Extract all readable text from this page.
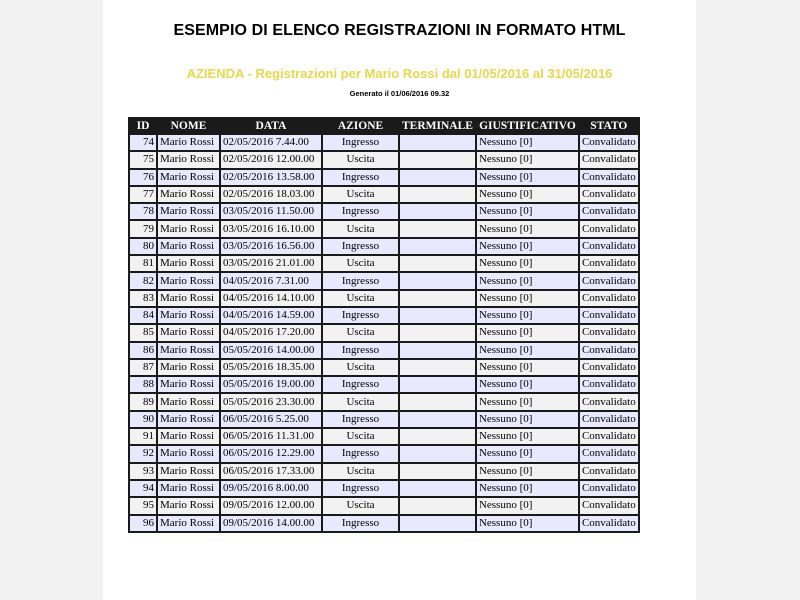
ESEMPIO DI ELENCO REGISTRAZIONI IN FORMATO HTML
AZIENDA - Registrazioni per Mario Rossi dal 01/05/2016 al 31/05/2016
Generato il 01/06/2016 09.32
ID	NOME	DATA	AZIONE	TERMINALE	GIUSTIFICATIVO	STATO
74	Mario Rossi	02/05/2016 7.44.00	Ingresso		Nessuno [0]	Convalidato
75	Mario Rossi	02/05/2016 12.00.00	Uscita		Nessuno [0]	Convalidato
76	Mario Rossi	02/05/2016 13.58.00	Ingresso		Nessuno [0]	Convalidato
77	Mario Rossi	02/05/2016 18.03.00	Uscita		Nessuno [0]	Convalidato
78	Mario Rossi	03/05/2016 11.50.00	Ingresso		Nessuno [0]	Convalidato
79	Mario Rossi	03/05/2016 16.10.00	Uscita		Nessuno [0]	Convalidato
80	Mario Rossi	03/05/2016 16.56.00	Ingresso		Nessuno [0]	Convalidato
81	Mario Rossi	03/05/2016 21.01.00	Uscita		Nessuno [0]	Convalidato
82	Mario Rossi	04/05/2016 7.31.00	Ingresso		Nessuno [0]	Convalidato
83	Mario Rossi	04/05/2016 14.10.00	Uscita		Nessuno [0]	Convalidato
84	Mario Rossi	04/05/2016 14.59.00	Ingresso		Nessuno [0]	Convalidato
85	Mario Rossi	04/05/2016 17.20.00	Uscita		Nessuno [0]	Convalidato
86	Mario Rossi	05/05/2016 14.00.00	Ingresso		Nessuno [0]	Convalidato
87	Mario Rossi	05/05/2016 18.35.00	Uscita		Nessuno [0]	Convalidato
88	Mario Rossi	05/05/2016 19.00.00	Ingresso		Nessuno [0]	Convalidato
89	Mario Rossi	05/05/2016 23.30.00	Uscita		Nessuno [0]	Convalidato
90	Mario Rossi	06/05/2016 5.25.00	Ingresso		Nessuno [0]	Convalidato
91	Mario Rossi	06/05/2016 11.31.00	Uscita		Nessuno [0]	Convalidato
92	Mario Rossi	06/05/2016 12.29.00	Ingresso		Nessuno [0]	Convalidato
93	Mario Rossi	06/05/2016 17.33.00	Uscita		Nessuno [0]	Convalidato
94	Mario Rossi	09/05/2016 8.00.00	Ingresso		Nessuno [0]	Convalidato
95	Mario Rossi	09/05/2016 12.00.00	Uscita		Nessuno [0]	Convalidato
96	Mario Rossi	09/05/2016 14.00.00	Ingresso		Nessuno [0]	Convalidato
